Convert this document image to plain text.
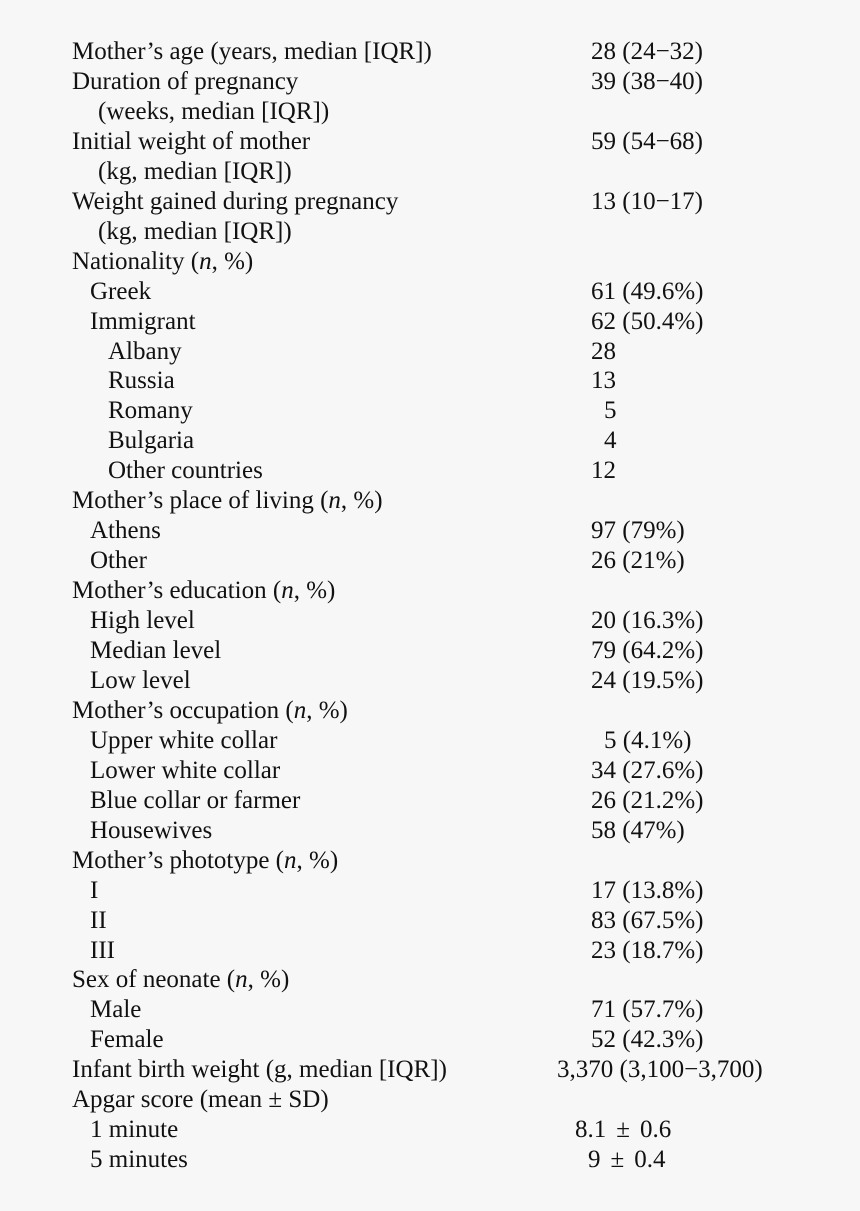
Mother’s age (years, median [IQR])	28 (24−32)
Duration of pregnancy	39 (38−40)
(weeks, median [IQR])
Initial weight of mother	59 (54−68)
(kg, median [IQR])
Weight gained during pregnancy	13 (10−17)
(kg, median [IQR])
Nationality (n, %)
Greek	61 (49.6%)
Immigrant	62 (50.4%)
Albany	28
Russia	13
Romany	5
Bulgaria	4
Other countries	12
Mother’s place of living (n, %)
Athens	97 (79%)
Other	26 (21%)
Mother’s education (n, %)
High level	20 (16.3%)
Median level	79 (64.2%)
Low level	24 (19.5%)
Mother’s occupation (n, %)
Upper white collar	5 (4.1%)
Lower white collar	34 (27.6%)
Blue collar or farmer	26 (21.2%)
Housewives	58 (47%)
Mother’s phototype (n, %)
I	17 (13.8%)
II	83 (67.5%)
III	23 (18.7%)
Sex of neonate (n, %)
Male	71 (57.7%)
Female	52 (42.3%)
Infant birth weight (g, median [IQR])	3,370 (3,100−3,700)
Apgar score (mean ± SD)
1 minute	8.1 ± 0.6
5 minutes	9 ± 0.4
